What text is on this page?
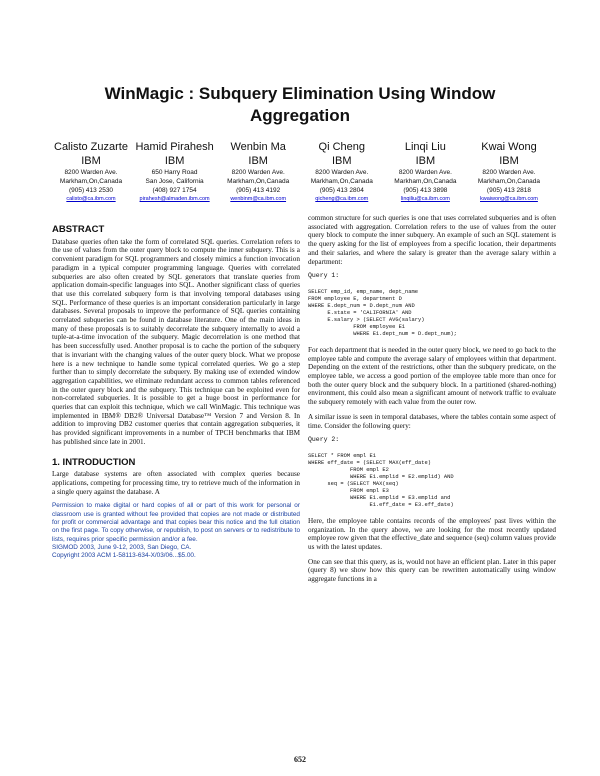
WinMagic : Subquery Elimination Using Window Aggregation
Calisto Zuzarte
IBM
8200 Warden Ave.
Markham,On,Canada
(905) 413 2530
calisto@ca.ibm.com
Hamid Pirahesh
IBM
650 Harry Road
San Jose, California
(408) 927 1754
pirahesh@almaden.ibm.com
Wenbin Ma
IBM
8200 Warden Ave.
Markham,On,Canada
(905) 413 4192
wenbinm@ca.ibm.com
Qi Cheng
IBM
8200 Warden Ave.
Markham,On,Canada
(905) 413 2804
qicheng@ca.ibm.com
Linqi Liu
IBM
8200 Warden Ave.
Markham,On,Canada
(905) 413 3898
linqiliu@ca.ibm.com
Kwai Wong
IBM
8200 Warden Ave.
Markham,On,Canada
(905) 413 2818
kwaiwong@ca.ibm.com
ABSTRACT

Database queries often take the form of correlated SQL queries. Correlation refers to the use of values from the outer query block to compute the inner subquery. This is a convenient paradigm for SQL programmers and closely mimics a function invocation paradigm in a typical computer programming language. Queries with correlated subqueries are also often created by SQL generators that translate queries from application domain-specific languages into SQL. Another significant class of queries that use this correlated subquery form is that involving temporal databases using SQL. Performance of these queries is an important consideration particularly in large databases. Several proposals to improve the performance of SQL queries containing correlated subqueries can be found in database literature. One of the main ideas in many of these proposals is to suitably decorrelate the subquery internally to avoid a tuple-at-a-time invocation of the subquery. Magic decorrelation is one method that has been successfully used. Another proposal is to cache the portion of the subquery that is invariant with the changing values of the outer query block. What we propose here is a new technique to handle some typical correlated queries. We go a step further than to simply decorrelate the subquery. By making use of extended window aggregation capabilities, we eliminate redundant access to common tables referenced in the outer query block and the subquery. This technique can be exploited even for non-correlated subqueries. It is possible to get a huge boost in performance for queries that can exploit this technique, which we call WinMagic. This technique was implemented in IBM® DB2® Universal Database™ Version 7 and Version 8. In addition to improving DB2 customer queries that contain aggregation subqueries, it has provided significant improvements in a number of TPCH benchmarks that IBM has published since late in 2001.

1. INTRODUCTION

Large database systems are often associated with complex queries because applications, competing for processing time, try to retrieve much of the information in a single query against the database. A

Permission to make digital or hard copies of all or part of this work for personal or classroom use is granted without fee provided that copies are not made or distributed for profit or commercial advantage and that copies bear this notice and the full citation on the first page. To copy otherwise, or republish, to post on servers or to redistribute to lists, requires prior specific permission and/or a fee.
SIGMOD 2003, June 9-12, 2003, San Diego, CA.
Copyright 2003 ACM 1-58113-634-X/03/06...$5.00.

common structure for such queries is one that uses correlated subqueries and is often associated with aggregation. Correlation refers to the use of values from the outer query block to compute the inner subquery. An example of such an SQL statement is the query asking for the list of employees from a specific location, their departments and their salaries, and where the salary is greater than the average salary within a department:

Query 1:
SELECT emp_id, emp_name, dept_name
FROM employee E, department D
WHERE E.dept_num = D.dept_num AND
E.state = 'CALIFORNIA' AND
E.salary > (SELECT AVG(salary)
FROM employee E1
WHERE E1.dept_num = D.dept_num);

For each department that is needed in the outer query block, we need to go back to the employee table and compute the average salary of employees within that department. Depending on the extent of the restrictions, other than the subquery predicate, on the employee table, we access a good portion of the employee table more than once for both the outer query block and the subquery block. In a partitioned (shared-nothing) environment, this could also mean a significant amount of network traffic to evaluate the subquery remotely with each value from the outer row.

A similar issue is seen in temporal databases, where the tables contain some aspect of time. Consider the following query:

Query 2:
SELECT * FROM empl E1
WHERE eff_date = (SELECT MAX(eff_date)
FROM empl E2
WHERE E1.emplid = E2.emplid) AND
seq = (SELECT MAX(seq)
FROM empl E3
WHERE E1.emplid = E3.emplid and
E1.eff_date = E3.eff_date)

Here, the employee table contains records of the employees' past lives within the organization. In the query above, we are looking for the most recently updated employee row given that the effective_date and sequence (seq) column values provide us with the latest updates.

One can see that this query, as is, would not have an efficient plan. Later in this paper (query 8) we show how this query can be rewritten automatically using window aggregate functions in a

652
